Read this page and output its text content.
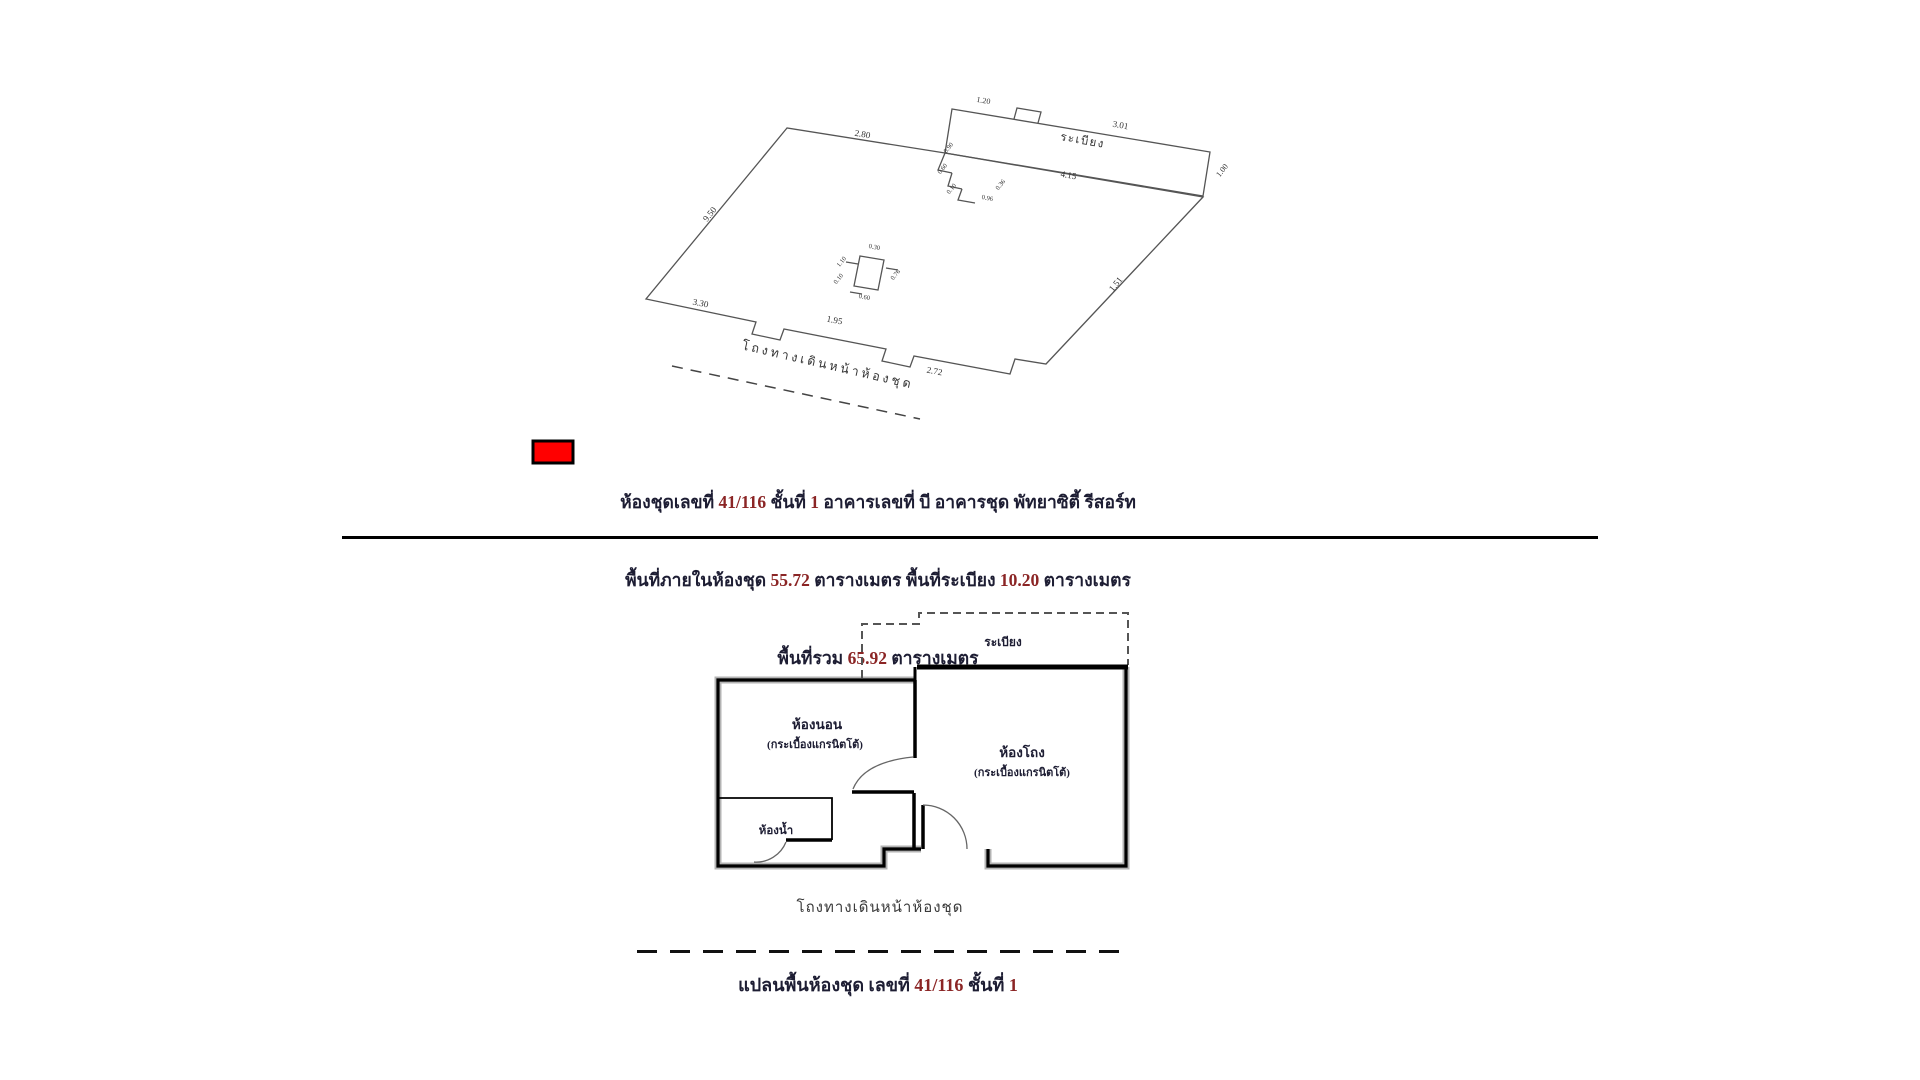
2.80
9.50
1.20
3.01
1.00
4.15
1.51
3.30
1.95
2.72
0.90
0.60
0.10
0.96
0.36
0.30
1.10
0.10
0.60
0.76
ระเบียง
โถงทางเดินหน้าห้องชุด

ห้องชุดเลขที่ 41/116 ชั้นที่ 1 อาคารเลขที่ บี อาคารชุด พัทยาซิตี้ รีสอร์ท

พื้นที่ภายในห้องชุด 55.72 ตารางเมตร พื้นที่ระเบียง 10.20 ตารางเมตร

พื้นที่รวม 65.92 ตารางเมตร

ระเบียง
ห้องนอน
(กระเบื้องแกรนิตโต้)	ห้องโถง
(กระเบื้องแกรนิตโต้)
ห้องน้ำ
โถงทางเดินหน้าห้องชุด
แปลนพื้นห้องชุด เลขที่ 41/116 ชั้นที่ 1
